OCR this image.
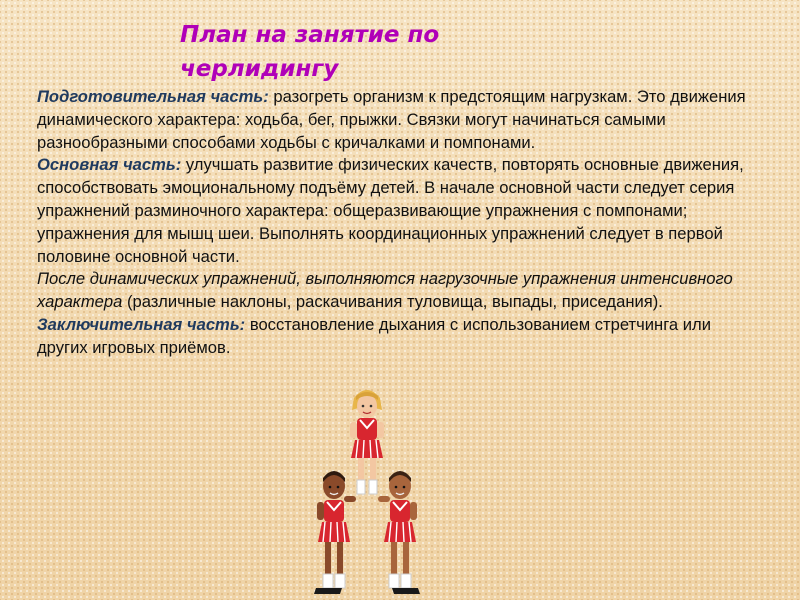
План на занятие по черлидингу

Подготовительная часть: разогреть организм к предстоящим нагрузкам. Это движения динамического характера: ходьба, бег, прыжки. Связки могут начинаться самыми разнообразными способами ходьбы с кричалками и помпонами.

Основная часть: улучшать развитие физических качеств, повторять основные движения, способствовать эмоциональному подъёму детей. В начале основной части следует серия упражнений разминочного характера: общеразвивающие упражнения с помпонами; упражнения для мышц шеи. Выполнять координационных упражнений следует в первой половине основной части.

После динамических упражнений, выполняются нагрузочные упражнения интенсивного характера (различные наклоны, раскачивания туловища, выпады, приседания).

Заключительная часть: восстановление дыхания с использованием стретчинга или других игровых приёмов.
